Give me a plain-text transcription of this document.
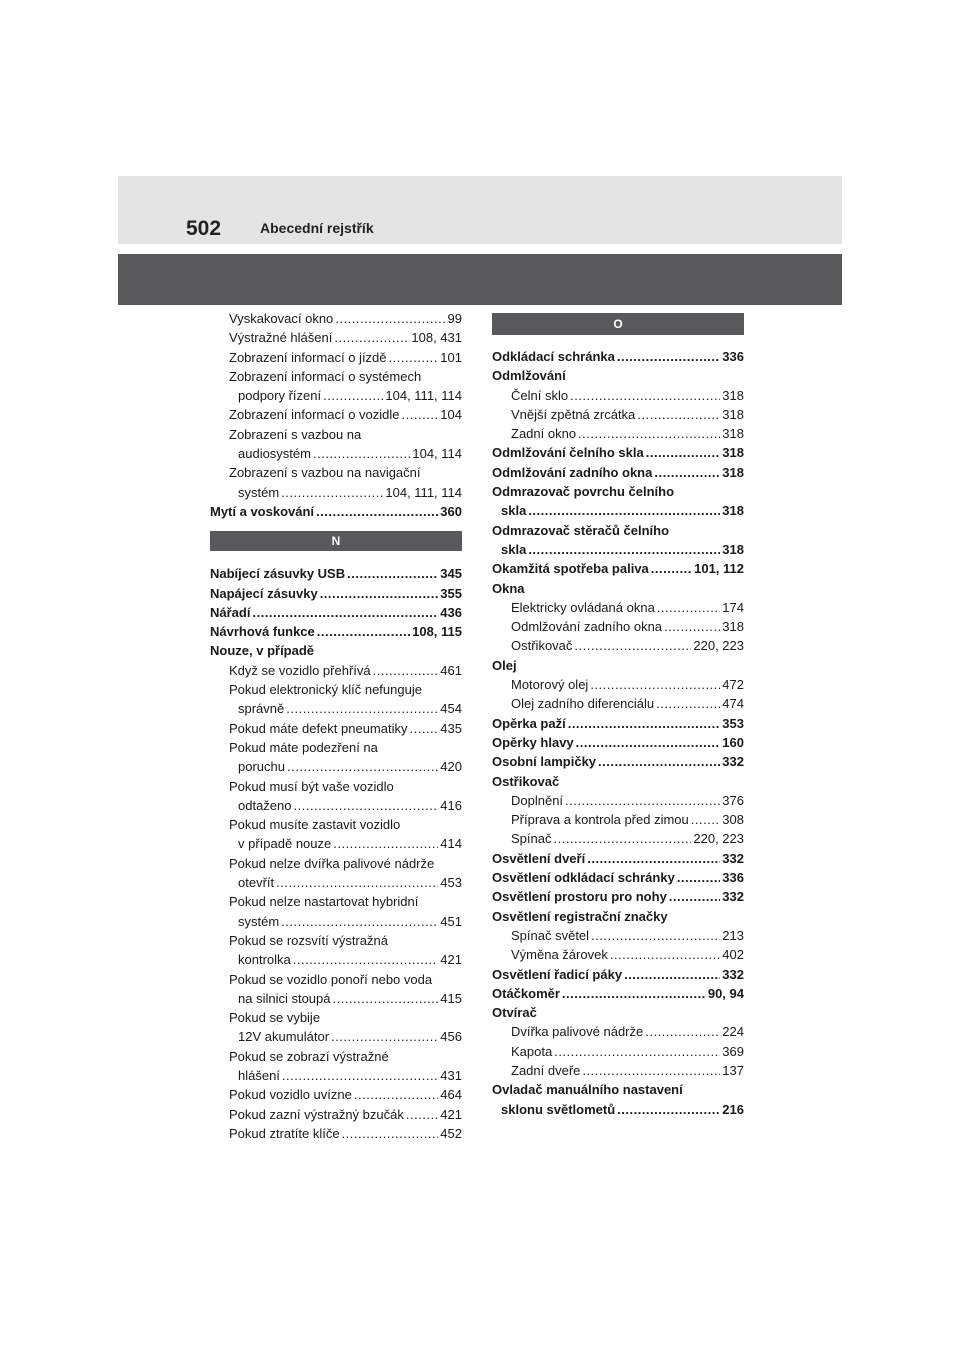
502	Abecední rejstřík
Vyskakovací okno .....	99
Výstražné hlášení .....	108, 431
Zobrazení informací o jízdě .....	101
Zobrazení informací o systémech
podpory řízení .....	104, 111, 114
Zobrazení informací o vozidle .....	104
Zobrazení s vazbou na
audiosystém .....	104, 114
Zobrazení s vazbou na navigační
systém .....	104, 111, 114
Mytí a voskování .....	360
N
Nabíjecí zásuvky USB .....	345
Napájecí zásuvky .....	355
Nářadí .....	436
Návrhová funkce .....	108, 115
Nouze, v případě
Když se vozidlo přehřívá .....	461
Pokud elektronický klíč nefunguje
správně .....	454
Pokud máte defekt pneumatiky .....	435
Pokud máte podezření na
poruchu .....	420
Pokud musí být vaše vozidlo
odtaženo .....	416
Pokud musíte zastavit vozidlo
v případě nouze .....	414
Pokud nelze dvířka palivové nádrže
otevřít .....	453
Pokud nelze nastartovat hybridní
systém .....	451
Pokud se rozsvítí výstražná
kontrolka .....	421
Pokud se vozidlo ponoří nebo voda
na silnici stoupá .....	415
Pokud se vybije
12V akumulátor .....	456
Pokud se zobrazí výstražné
hlášení .....	431
Pokud vozidlo uvízne .....	464
Pokud zazní výstražný bzučák .....	421
Pokud ztratíte klíče .....	452
O
Odkládací schránka .....	336
Odmlžování
Čelní sklo .....	318
Vnější zpětná zrcátka .....	318
Zadní okno .....	318
Odmlžování čelního skla .....	318
Odmlžování zadního okna .....	318
Odmrazovač povrchu čelního
skla .....	318
Odmrazovač stěračů čelního
skla .....	318
Okamžitá spotřeba paliva .....	101, 112
Okna
Elektricky ovládaná okna .....	174
Odmlžování zadního okna .....	318
Ostřikovač .....	220, 223
Olej
Motorový olej .....	472
Olej zadního diferenciálu .....	474
Opěrka paží .....	353
Opěrky hlavy .....	160
Osobní lampičky .....	332
Ostřikovač
Doplnění .....	376
Příprava a kontrola před zimou .....	308
Spínač .....	220, 223
Osvětlení dveří .....	332
Osvětlení odkládací schránky .....	336
Osvětlení prostoru pro nohy .....	332
Osvětlení registrační značky
Spínač světel .....	213
Výměna žárovek .....	402
Osvětlení řadicí páky .....	332
Otáčkoměr .....	90, 94
Otvírač
Dvířka palivové nádrže .....	224
Kapota .....	369
Zadní dveře .....	137
Ovladač manuálního nastavení
sklonu světlometů .....	216
